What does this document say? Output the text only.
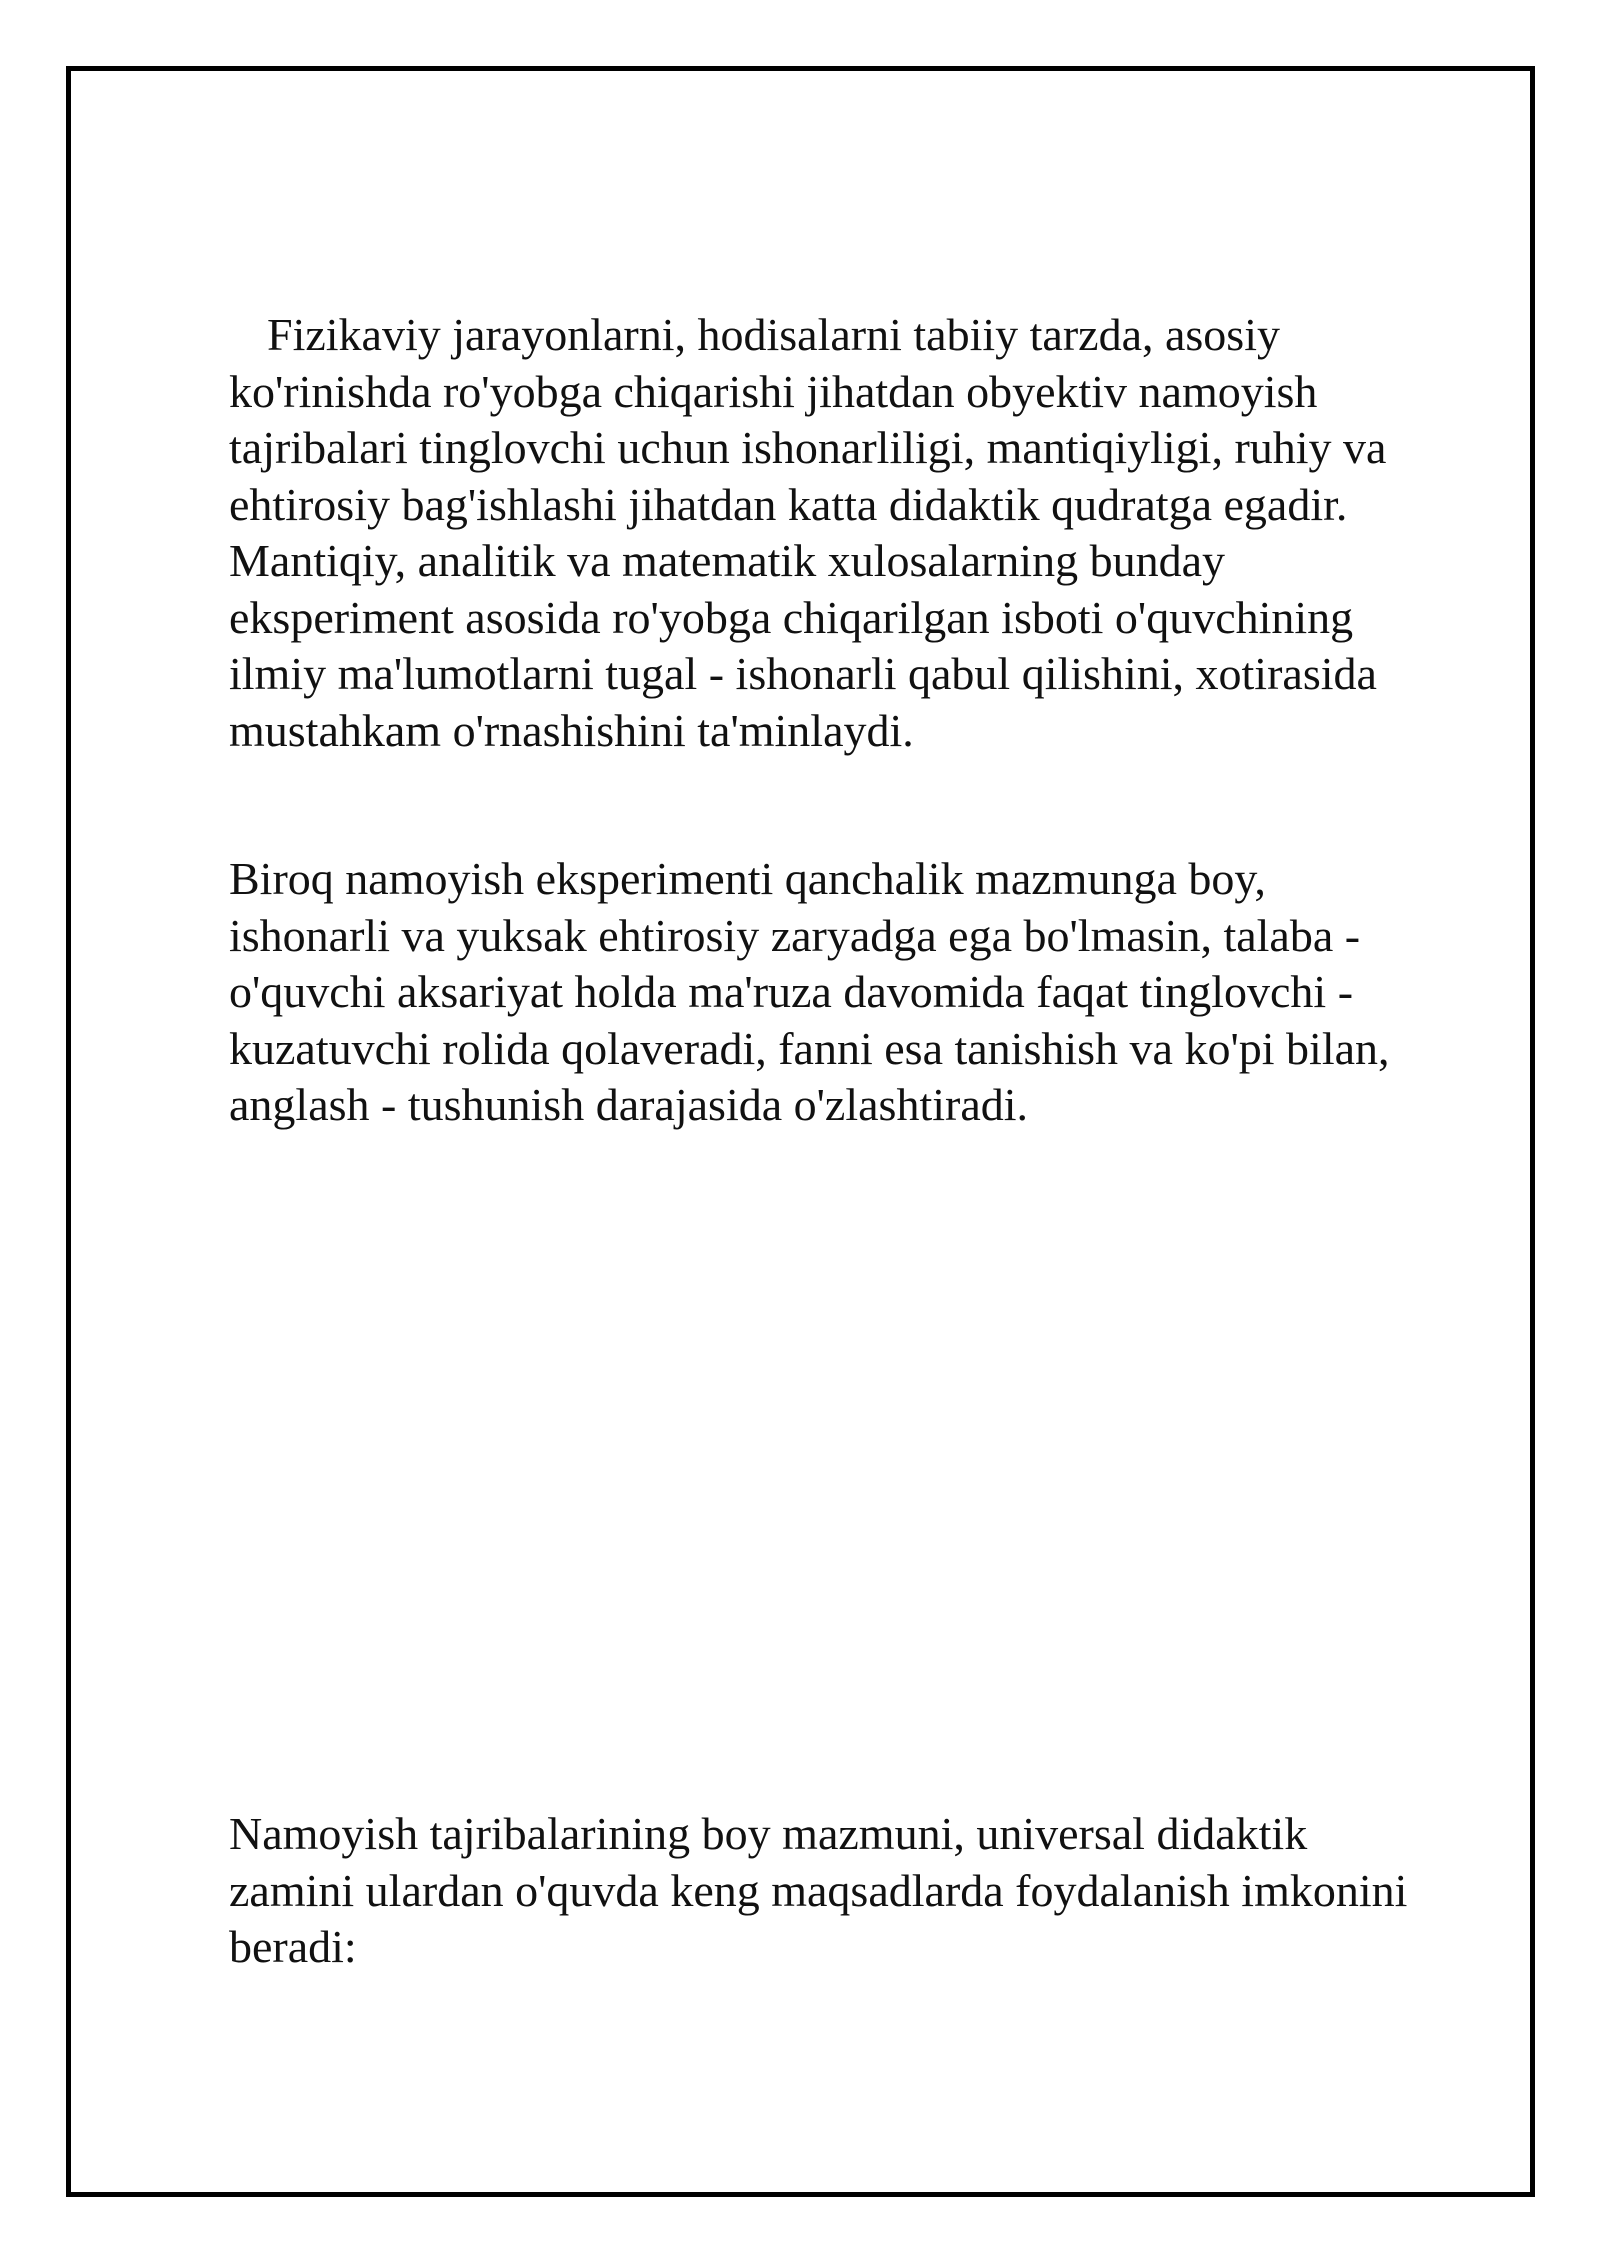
Fizikaviy jarayonlarni, hodisalarni tabiiy tarzda, asosiy
ko'rinishda ro'yobga chiqarishi jihatdan obyektiv namoyish
tajribalari tinglovchi uchun ishonarliligi, mantiqiyligi, ruhiy va
ehtirosiy bag'ishlashi jihatdan katta didaktik qudratga egadir.
Mantiqiy, analitik va matematik xulosalarning bunday
eksperiment asosida ro'yobga chiqarilgan isboti o'quvchining
ilmiy ma'lumotlarni tugal - ishonarli qabul qilishini, xotirasida
mustahkam o'rnashishini ta'minlaydi.

Biroq namoyish eksperimenti qanchalik mazmunga boy,
ishonarli va yuksak ehtirosiy zaryadga ega bo'lmasin, talaba -
o'quvchi aksariyat holda ma'ruza davomida faqat tinglovchi -
kuzatuvchi rolida qolaveradi, fanni esa tanishish va ko'pi bilan,
anglash - tushunish darajasida o'zlashtiradi.

Namoyish tajribalarining boy mazmuni, universal didaktik
zamini ulardan o'quvda keng maqsadlarda foydalanish imkonini
beradi:
